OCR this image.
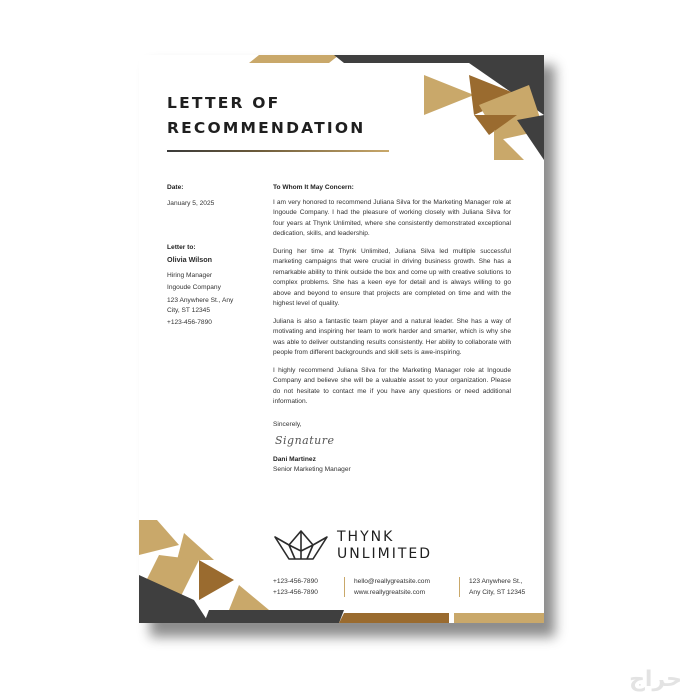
LETTER OF
RECOMMENDATION
Date:
January 5, 2025
Letter to:
Olivia Wilson
Hiring Manager
Ingoude Company
123 Anywhere St., Any
City, ST 12345
+123-456-7890
To Whom It May Concern:

I am very honored to recommend Juliana Silva for the Marketing Manager role at Ingoude Company. I had the pleasure of working closely with Juliana Silva for four years at Thynk Unlimited, where she consistently demonstrated exceptional dedication, skills, and leadership.

During her time at Thynk Unlimited, Juliana Silva led multiple successful marketing campaigns that were crucial in driving business growth. She has a remarkable ability to think outside the box and come up with creative solutions to complex problems. She has a keen eye for detail and is always willing to go above and beyond to ensure that projects are completed on time and with the highest level of quality.

Juliana is also a fantastic team player and a natural leader. She has a way of motivating and inspiring her team to work harder and smarter, which is why she was able to deliver outstanding results consistently. Her ability to collaborate with people from different backgrounds and skill sets is awe-inspiring.

I highly recommend Juliana Silva for the Marketing Manager role at Ingoude Company and believe she will be a valuable asset to your organization. Please do not hesitate to contact me if you have any questions or need additional information.

Sincerely,
Signature
Dani Martinez
Senior Marketing Manager
THYNK
UNLIMITED
+123-456-7890
+123-456-7890
hello@reallygreatsite.com
www.reallygreatsite.com
123 Anywhere St.,
Any City, ST 12345
حراج
